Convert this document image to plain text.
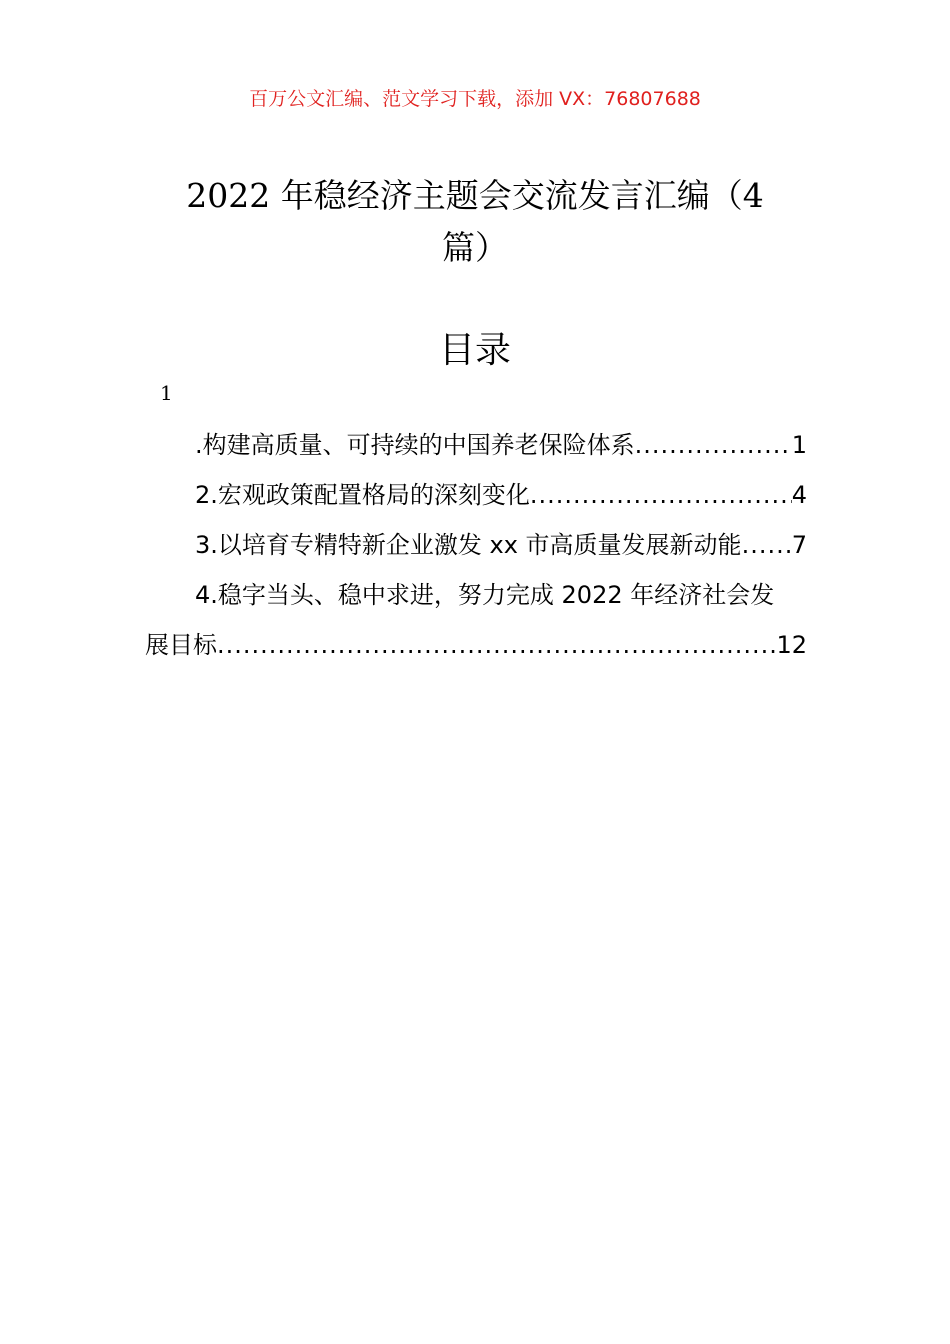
百万公文汇编、范文学习下载，添加 VX：76807688
2022 年稳经济主题会交流发言汇编（4
篇）
目录
1
.构建高质量、可持续的中国养老保险体系 .....	1
2.宏观政策配置格局的深刻变化 .....	4
3.以培育专精特新企业激发 xx 市高质量发展新动能 ..... 7
4.稳字当头、稳中求进，努力完成 2022 年经济社会发
展目标 .....	12
